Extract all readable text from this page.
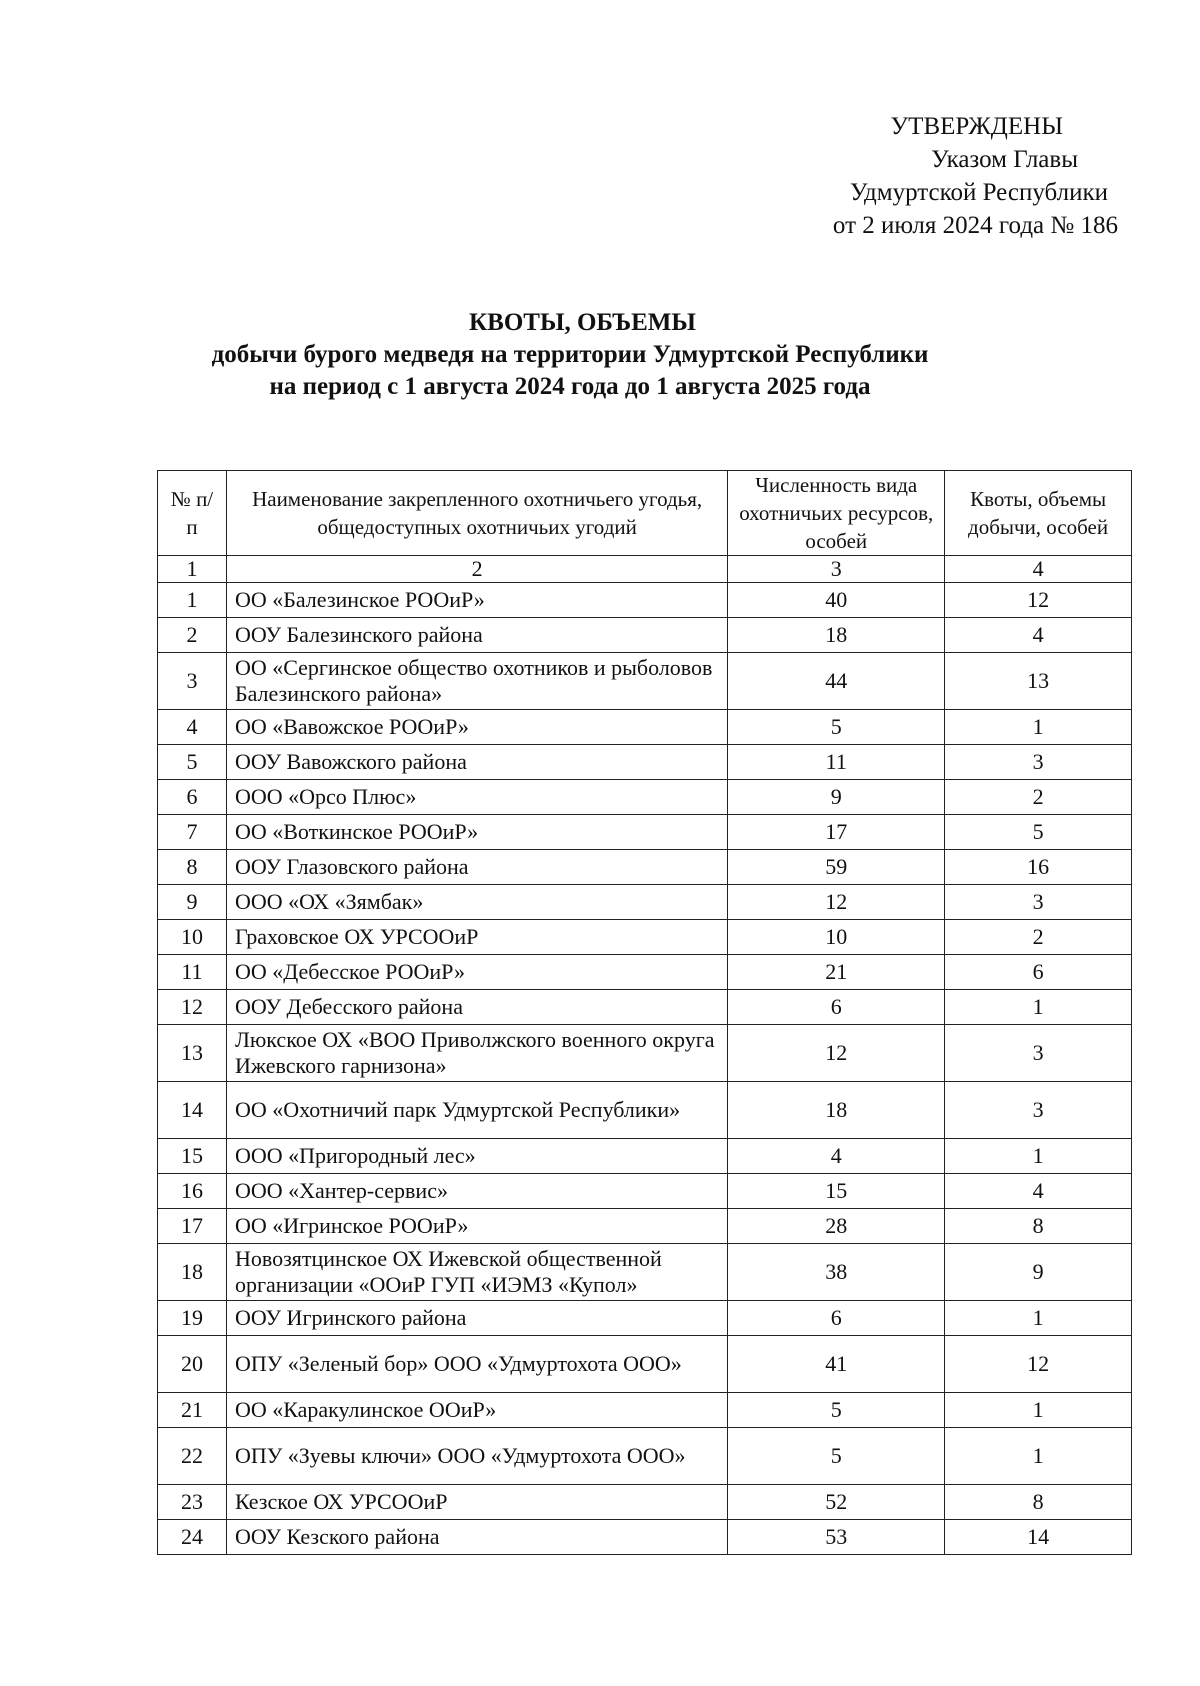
УТВЕРЖДЕНЫ
Указом Главы
Удмуртской Республики
от 2 июля 2024 года № 186
КВОТЫ, ОБЪЕМЫ
добычи бурого медведя на территории Удмуртской Республики
на период с 1 августа 2024 года до 1 августа 2025 года
№ п/п	Наименование закрепленного охотничьего угодья, общедоступных охотничьих угодий	Численность вида охотничьих ресурсов, особей	Квоты, объемы добычи, особей
1	2	3	4
1	ОО «Балезинское РООиР»	40	12
2	ООУ Балезинского района	18	4
3	ОО «Сергинское общество охотников и рыболовов Балезинского района»	44	13
4	ОО «Вавожское РООиР»	5	1
5	ООУ Вавожского района	11	3
6	ООО «Орсо Плюс»	9	2
7	ОО «Воткинское РООиР»	17	5
8	ООУ Глазовского района	59	16
9	ООО «ОХ «Зямбак»	12	3
10	Граховское ОХ УРСООиР	10	2
11	ОО «Дебесское РООиР»	21	6
12	ООУ Дебесского района	6	1
13	Люкское ОХ «ВОО Приволжского военного округа Ижевского гарнизона»	12	3
14	ОО «Охотничий парк Удмуртской Республики»	18	3
15	ООО «Пригородный лес»	4	1
16	ООО «Хантер-сервис»	15	4
17	ОО «Игринское РООиР»	28	8
18	Новозятцинское ОХ Ижевской общественной организации «ООиР ГУП «ИЭМЗ «Купол»	38	9
19	ООУ Игринского района	6	1
20	ОПУ «Зеленый бор» ООО «Удмуртохота ООО»	41	12
21	ОО «Каракулинское ООиР»	5	1
22	ОПУ «Зуевы ключи» ООО «Удмуртохота ООО»	5	1
23	Кезское ОХ УРСООиР	52	8
24	ООУ Кезского района	53	14
